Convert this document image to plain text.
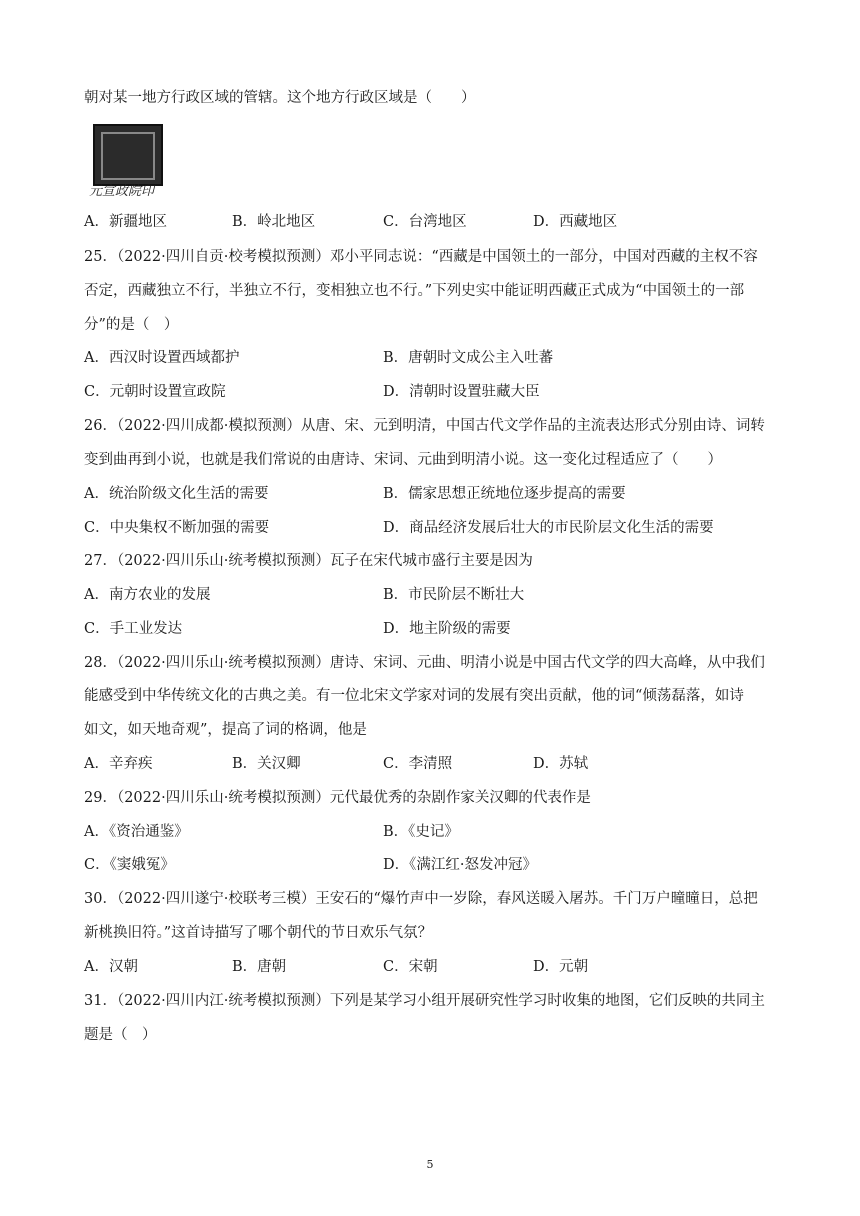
朝对某一地方行政区域的管辖。这个地方行政区域是（　　）
元宣政院印
A．新疆地区	B．岭北地区	C．台湾地区	D．西藏地区
25．（2022·四川自贡·校考模拟预测）邓小平同志说：“西藏是中国领土的一部分，中国对西藏的主权不容
否定，西藏独立不行，半独立不行，变相独立也不行。”下列史实中能证明西藏正式成为“中国领土的一部
分”的是（　）
A．西汉时设置西域都护	B．唐朝时文成公主入吐蕃
C．元朝时设置宣政院	D．清朝时设置驻藏大臣
26．（2022·四川成都·模拟预测）从唐、宋、元到明清，中国古代文学作品的主流表达形式分别由诗、词转
变到曲再到小说，也就是我们常说的由唐诗、宋词、元曲到明清小说。这一变化过程适应了（　　）
A．统治阶级文化生活的需要	B．儒家思想正统地位逐步提高的需要
C．中央集权不断加强的需要	D．商品经济发展后壮大的市民阶层文化生活的需要
27．（2022·四川乐山·统考模拟预测）瓦子在宋代城市盛行主要是因为
A．南方农业的发展	B．市民阶层不断壮大
C．手工业发达	D．地主阶级的需要
28．（2022·四川乐山·统考模拟预测）唐诗、宋词、元曲、明清小说是中国古代文学的四大高峰，从中我们
能感受到中华传统文化的古典之美。有一位北宋文学家对词的发展有突出贡献，他的词“倾荡磊落，如诗
如文，如天地奇观”，提高了词的格调，他是
A．辛弃疾	B．关汉卿	C．李清照	D．苏轼
29．（2022·四川乐山·统考模拟预测）元代最优秀的杂剧作家关汉卿的代表作是
A．《资治通鉴》	B．《史记》
C．《窦娥冤》	D．《满江红·怒发冲冠》
30．（2022·四川遂宁·校联考三模）王安石的“爆竹声中一岁除，春风送暖入屠苏。千门万户曈曈日，总把
新桃换旧符。”这首诗描写了哪个朝代的节日欢乐气氛？
A．汉朝	B．唐朝	C．宋朝	D．元朝
31．（2022·四川内江·统考模拟预测）下列是某学习小组开展研究性学习时收集的地图，它们反映的共同主
题是（　）
5
